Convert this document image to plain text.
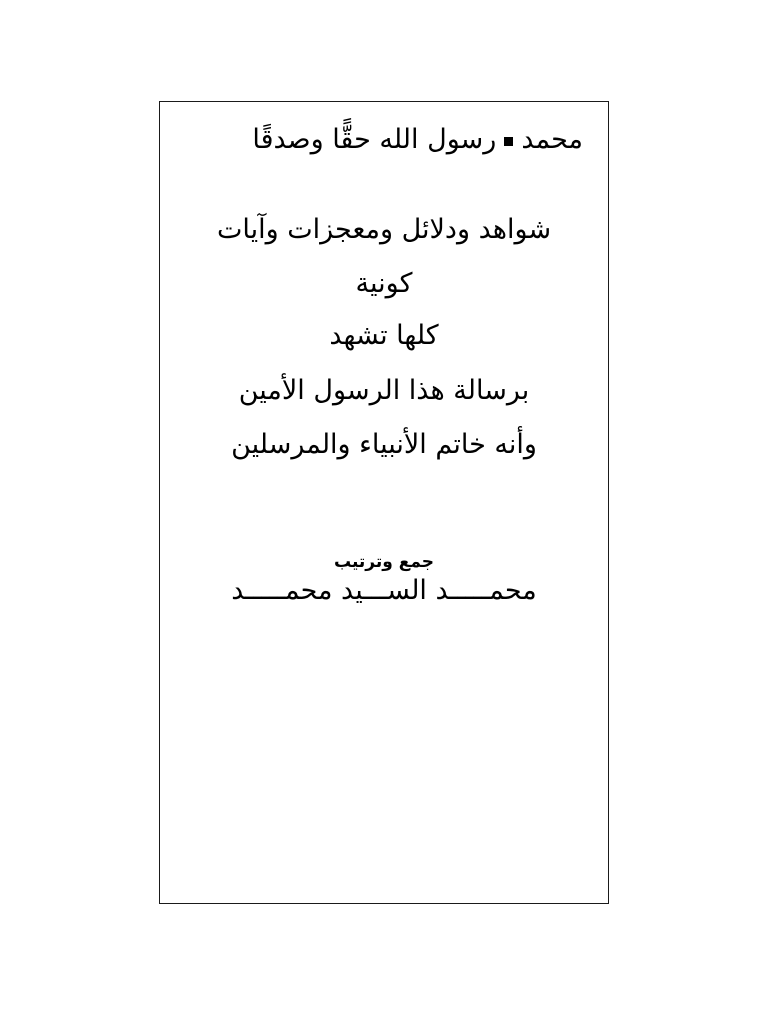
محمد
رسول الله حقًّا وصدقًا

شواهد ودلائل ومعجزات وآيات

كونية

كلها تشهد

برسالة هذا الرسول الأمين

وأنه خاتم الأنبياء والمرسلين

جمع وترتيب

محمـــــد الســـيد محمـــــد
